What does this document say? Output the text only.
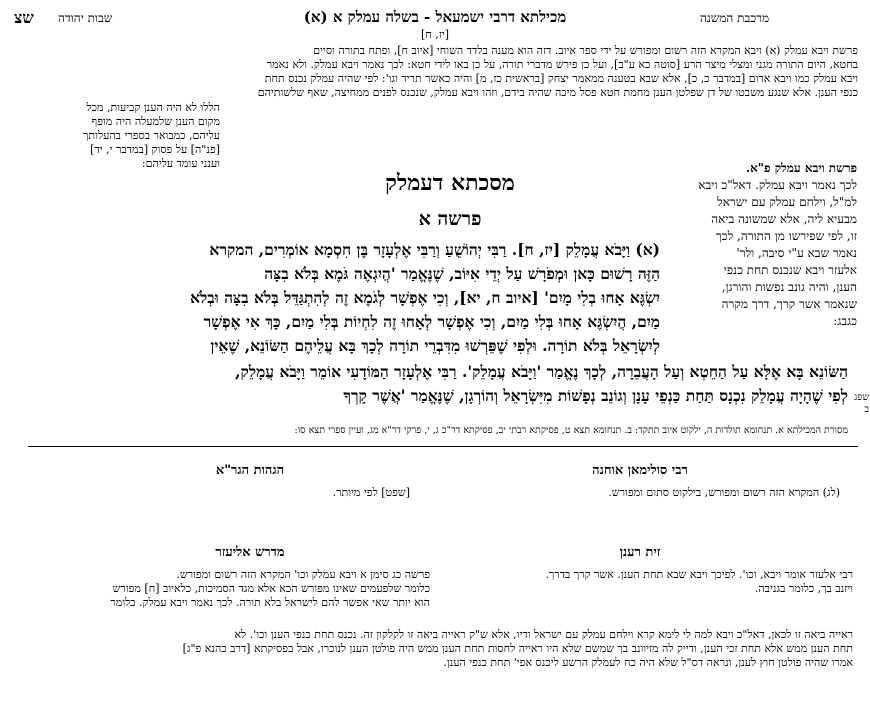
שצ שבות יהודה	מכילתא דרבי ישמעאל - בשלה עמלק א (א)	מרכבת המשנה
[יז, ח]
פרשת ויבא עמלק (א) ויבא המקרא הזה רשום ומפורש על ידי ספר איוב. דזה הוא מענה בלדד השוחי [איוב ח], ופתח בתורה וסיים
בחטא, היום התורה מגני ומצלי מיצר הרע [סוטה כא ע"ב], ועל כן פירש מדברי תורה, על כן באו לידי חטא: לכך נאמר ויבא עמלק. ולא נאמר
ויבא עמלק כמו ויבא אדום [במדבר כ, כ], אלא שבא בטענה ממאמר יצחק [בראשית כז, מ] והיה כאשר תריד וגו': לפי שהיה עמלק נכנס תחת
כנפי הענן. אלא שנגע משבטו של דן שפלטן הענן מחמת חטא פסל מיכה שהיה בידם, וזהו ויבא עמלק, שנכנס לפנים ממחיצה, שאף שלשותיהם
הללו לא היה הענן קביעות, מכל
מקום הענן שלמעלה היה מופף
עליהם, כמבואר בספרי בהעלותך
[פנ"ה] על פסוק [במדבר י, יד]
וענני עומד עליהם:
מסכתא דעמלק
פרשה א
פרשת ויבא עמלק פ"א.
לכך נאמר ויבא עמלק. דאל"כ ויבא
למ"ל, וילחם עמלק עם ישראל
מבעיא ליה, אלא שמשונה ביאה
זו, לפי שפירשו מן התורה, לכך
נאמר שבא ע"י סיבה, ולר'
אלעזר ויבא שנכנס תחת כנפי
הענן, והיה גונב נפשות והורגן,
שנאמר אשר קרך, דרך מקרה
כגבג:
(א) וַיָּבֹא עֲמָלֵק [יז, ח]. רַבִּי יְהוֹשֻׁעַ וְרַבִּי אֶלְעָזָר בֶּן חִסְמָא אוֹמְרִים, המקרא
הַזֶּה רָשׁוּם כָּאן וּמְפֹרָשׁ עַל יְדֵי אִיּוֹב, שֶׁנֶּאֱמַר 'הֲיִגְאֶה גֹּמֶא בְּלֹא בִצָּה
יִשְׂגֶּא אָחוּ בְלִי מָיִם' [איוב ח, יא], וְכִי אֶפְשָׁר לְגֹמֶא זֶה לְהִתְגַּדֵּל בְּלֹא בִצָּה וּבְלֹא
מַיִם, הֲיִשְׂגֶּא אָחוּ בְּלִי מַיִם, וְכִי אֶפְשָׁר לְאָחוּ זֶה לִחְיוֹת בְּלִי מַיִם, כָּךְ אִי אֶפְשָׁר
לְיִשְׂרָאֵל בְּלֹא תוֹרָה. וּלְפִי שֶׁפֵּרְשׁוּ מִדִּבְרֵי תוֹרָה לְכָךְ בָּא עֲלֵיהֶם הַשּׂוֹנֵא, שֶׁאֵין
הַשּׂוֹנֵא בָּא אֶלָּא עַל הַחֵטְא וְעַל הָעֲבֵרָה, לְכָךְ נֶאֱמַר 'וַיָּבֹא עֲמָלֵק'. רַבִּי אֶלְעָזָר הַמּוֹדָעִי אוֹמֵר וַיָּבֹא עֲמָלֵק,
לְפִי שֶׁהָיָה עֲמָלֵק נִכְנָס תַּחַת כַּנְפֵי עָנָן וְגוֹנֵב נְפָשׁוֹת מִיִּשְׂרָאֵל וְהוֹרְגָן, שֶׁנֶּאֱמַר 'אֲשֶׁר קָרְךָ שפג ב
מסורת המכילתא א. תנחומא תולדות ה, ילקוט איוב תתקד: ב. תנחומא תצא ט, פסיקתא רבתי יב, פסיקתא דר"כ ג, י, פרקי דר"א מג, ועיין ספרי תצא סו:
הגהות הגר"א	רבי סולימאן אוחנה
[שפט] לפי מיותר.	(לג) המקרא הזה רשום ומפורש, בילקוט סתום ומפורש.
מדרש אליעזר	זית רענן
פרשה כג סימן א ויבא עמלק וכו' המקרא הזה רשום ומפורש.
כלומר שלפעמים שאינו מפורש הכא אלא מגד הסמיכות, כלאיוב [ח] מפורש
הוא יותר שאי אפשר להם לישראל בלא תורה. לכך נאמר ויבא עמלק. כלומר
רבי אלעזר אומר ויבא, וכו'. לפיכך ויבא שבא תחת הענן. אשר קרך בדרך.
ויזנב בך, כלומר בגניבה.
ראייה ביאה זו לכאן, דאל"כ ויבא למה לי לימא קרא וילחם עמלק עם ישראל ודיו, אלא ש"ק ראייה ביאה זו לקלקון זה. נכנס תחת כנפי הענן וכו'. לא
תחת הענן ממש אלא תחת זכי הענן, ודייק לה מזיוונב בך שמשם שלא היו ראייה לחסות תחת הענן ממש היה פולטן הענן לנוכרו, אבל בפסיקתא [דרב כהנא פ"ג]
אמרו שהיה פולטן חוץ לענן, ונראה דס"ל שלא היה כח לעמלק הרשע ליכנס אפי' תחת כנפי הענן.
